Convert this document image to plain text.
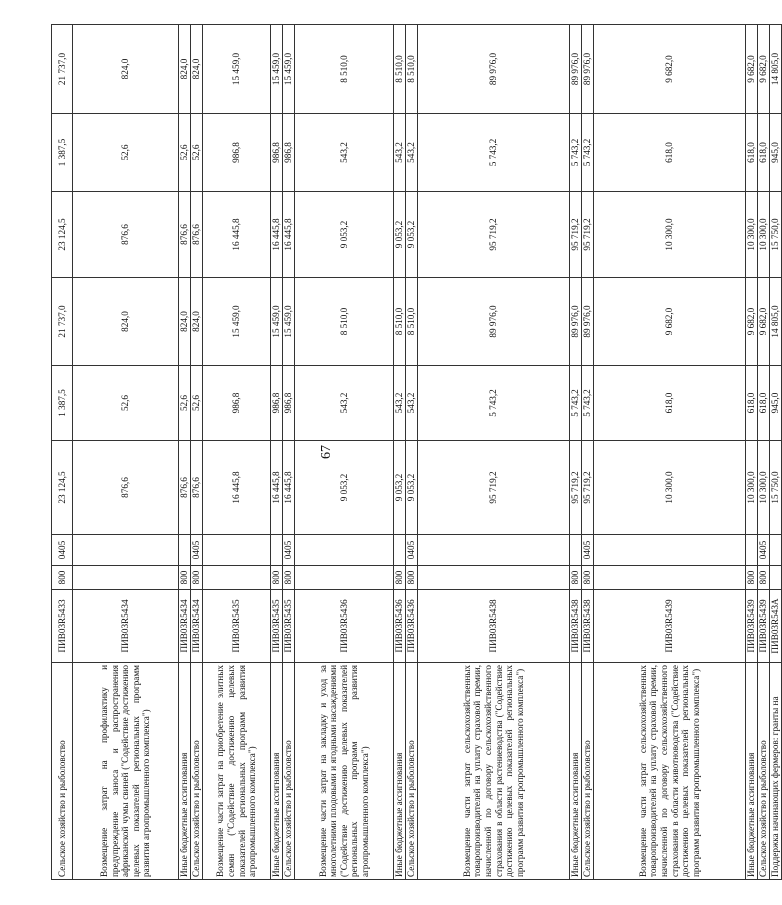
67
Сельское хозяйство и рыболовство	ПИВ03R5433	800	0405	23 124,5	1 387,5	21 737,0	23 124,5	1 387,5	21 737,0
Возмещение затрат на профилактику и предупреждение заноса и распространения африканской чумы свиней ("Содействие достижению целевых показателей региональных программ развития агропромышленного комплекса")	ПИВ03R5434			876,6	52,6	824,0	876,6	52,6	824,0
Иные бюджетные ассигнования	ПИВ03R5434	800		876,6	52,6	824,0	876,6	52,6	824,0
Сельское хозяйство и рыболовство	ПИВ03R5434	800	0405	876,6	52,6	824,0	876,6	52,6	824,0
Возмещение части затрат на приобретение элитных семян ("Содействие достижению целевых показателей региональных программ развития агропромышленного комплекса")	ПИВ03R5435			16 445,8	986,8	15 459,0	16 445,8	986,8	15 459,0
Иные бюджетные ассигнования	ПИВ03R5435	800		16 445,8	986,8	15 459,0	16 445,8	986,8	15 459,0
Сельское хозяйство и рыболовство	ПИВ03R5435	800	0405	16 445,8	986,8	15 459,0	16 445,8	986,8	15 459,0
Возмещение части затрат на закладку и уход за многолетними плодовыми и ягодными насаждениями ("Содействие достижению целевых показателей региональных программ развития агропромышленного комплекса")	ПИВ03R5436			9 053,2	543,2	8 510,0	9 053,2	543,2	8 510,0
Иные бюджетные ассигнования	ПИВ03R5436	800		9 053,2	543,2	8 510,0	9 053,2	543,2	8 510,0
Сельское хозяйство и рыболовство	ПИВ03R5436	800	0405	9 053,2	543,2	8 510,0	9 053,2	543,2	8 510,0
Возмещение части затрат сельскохозяйственных товаропроизводителей на уплату страховой премии, начисленной по договору сельскохозяйственного страхования в области растениеводства ("Содействие достижению целевых показателей региональных программ развития агропромышленного комплекса")	ПИВ03R5438			95 719,2	5 743,2	89 976,0	95 719,2	5 743,2	89 976,0
Иные бюджетные ассигнования	ПИВ03R5438	800		95 719,2	5 743,2	89 976,0	95 719,2	5 743,2	89 976,0
Сельское хозяйство и рыболовство	ПИВ03R5438	800	0405	95 719,2	5 743,2	89 976,0	95 719,2	5 743,2	89 976,0
Возмещение части затрат сельскохозяйственных товаропроизводителей на уплату страховой премии, начисленной по договору сельскохозяйственного страхования в области животноводства ("Содействие достижению целевых показателей региональных программ развития агропромышленного комплекса")	ПИВ03R5439			10 300,0	618,0	9 682,0	10 300,0	618,0	9 682,0
Иные бюджетные ассигнования	ПИВ03R5439	800		10 300,0	618,0	9 682,0	10 300,0	618,0	9 682,0
Сельское хозяйство и рыболовство	ПИВ03R5439	800	0405	10 300,0	618,0	9 682,0	10 300,0	618,0	9 682,0
Поддержка начинающих фермеров: гранты на	ПИВ03R543А			15 750,0	945,0	14 805,0	15 750,0	945,0	14 805,0
